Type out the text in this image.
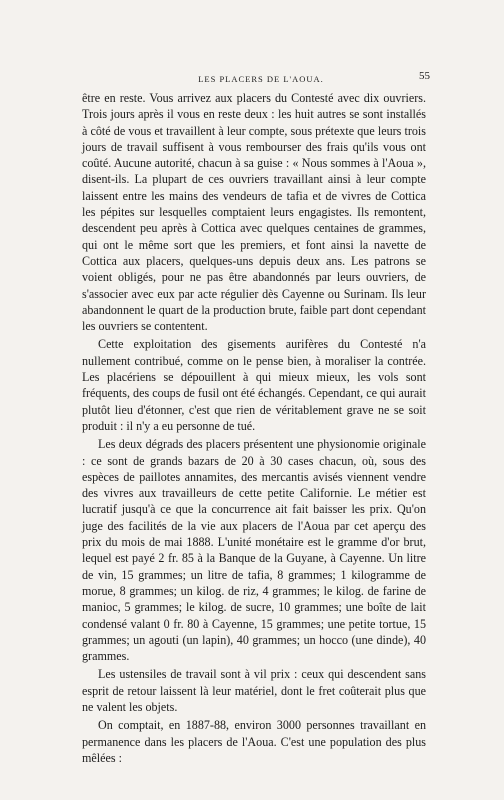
LES PLACERS DE L'AOUA.	55

être en reste. Vous arrivez aux placers du Contesté avec dix ouvriers. Trois jours après il vous en reste deux : les huit autres se sont installés à côté de vous et travaillent à leur compte, sous prétexte que leurs trois jours de travail suffisent à vous rembourser des frais qu'ils vous ont coûté. Aucune autorité, chacun à sa guise : « Nous sommes à l'Aoua », disent-ils. La plupart de ces ouvriers travaillant ainsi à leur compte laissent entre les mains des vendeurs de tafia et de vivres de Cottica les pépites sur lesquelles comptaient leurs engagistes. Ils remontent, descendent peu après à Cottica avec quelques centaines de grammes, qui ont le même sort que les premiers, et font ainsi la navette de Cottica aux placers, quelques-uns depuis deux ans. Les patrons se voient obligés, pour ne pas être abandonnés par leurs ouvriers, de s'associer avec eux par acte régulier dès Cayenne ou Surinam. Ils leur abandonnent le quart de la production brute, faible part dont cependant les ouvriers se contentent.

Cette exploitation des gisements aurifères du Contesté n'a nullement contribué, comme on le pense bien, à moraliser la contrée. Les placériens se dépouillent à qui mieux mieux, les vols sont fréquents, des coups de fusil ont été échangés. Cependant, ce qui aurait plutôt lieu d'étonner, c'est que rien de véritablement grave ne se soit produit : il n'y a eu personne de tué.

Les deux dégrads des placers présentent une physionomie originale : ce sont de grands bazars de 20 à 30 cases chacun, où, sous des espèces de paillotes annamites, des mercantis avisés viennent vendre des vivres aux travailleurs de cette petite Californie. Le métier est lucratif jusqu'à ce que la concurrence ait fait baisser les prix. Qu'on juge des facilités de la vie aux placers de l'Aoua par cet aperçu des prix du mois de mai 1888. L'unité monétaire est le gramme d'or brut, lequel est payé 2 fr. 85 à la Banque de la Guyane, à Cayenne. Un litre de vin, 15 grammes; un litre de tafia, 8 grammes; 1 kilogramme de morue, 8 grammes; un kilog. de riz, 4 grammes; le kilog. de farine de manioc, 5 grammes; le kilog. de sucre, 10 grammes; une boîte de lait condensé valant 0 fr. 80 à Cayenne, 15 grammes; une petite tortue, 15 grammes; un agouti (un lapin), 40 grammes; un hocco (une dinde), 40 grammes.

Les ustensiles de travail sont à vil prix : ceux qui descendent sans esprit de retour laissent là leur matériel, dont le fret coûterait plus que ne valent les objets.

On comptait, en 1887-88, environ 3000 personnes travaillant en permanence dans les placers de l'Aoua. C'est une population des plus mêlées :
